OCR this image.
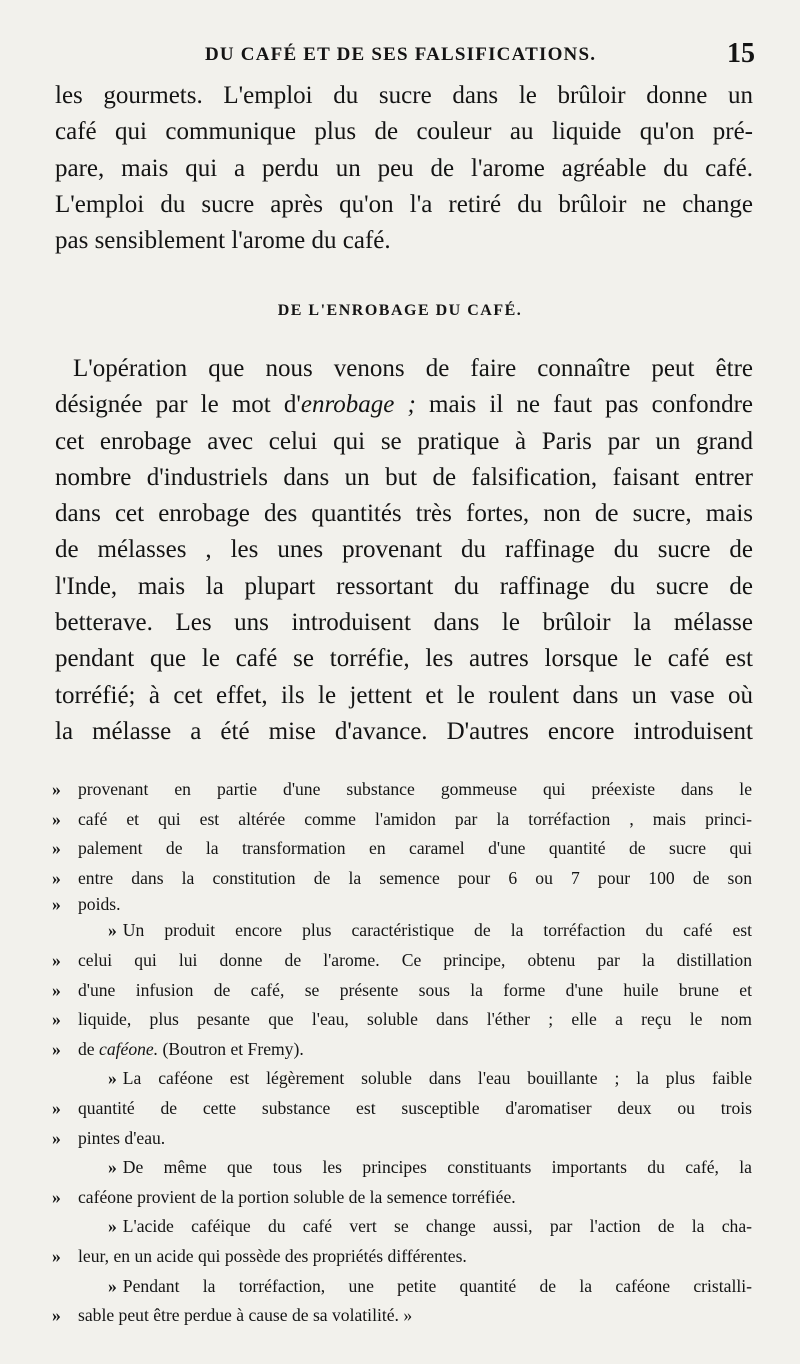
DU CAFÉ ET DE SES FALSIFICATIONS.	15

les gourmets. L'emploi du sucre dans le brûloir donne un

café qui communique plus de couleur au liquide qu'on pré-

pare, mais qui a perdu un peu de l'arome agréable du café.

L'emploi du sucre après qu'on l'a retiré du brûloir ne change

pas sensiblement l'arome du café.

DE L'ENROBAGE DU CAFÉ.

L'opération que nous venons de faire connaître peut être

désignée par le mot d'enrobage ; mais il ne faut pas confondre

cet enrobage avec celui qui se pratique à Paris par un grand

nombre d'industriels dans un but de falsification, faisant entrer

dans cet enrobage des quantités très fortes, non de sucre, mais

de mélasses , les unes provenant du raffinage du sucre de

l'Inde, mais la plupart ressortant du raffinage du sucre de

betterave. Les uns introduisent dans le brûloir la mélasse

pendant que le café se torréfie, les autres lorsque le café est

torréfié; à cet effet, ils le jettent et le roulent dans un vase où

la mélasse a été mise d'avance. D'autres encore introduisent

» provenant en partie d'une substance gommeuse qui préexiste dans le
» café et qui est altérée comme l'amidon par la torréfaction , mais princi-
» palement de la transformation en caramel d'une quantité de sucre qui
» entre dans la constitution de la semence pour 6 ou 7 pour 100 de son
» poids.
» Un produit encore plus caractéristique de la torréfaction du café est
» celui qui lui donne de l'arome. Ce principe, obtenu par la distillation
» d'une infusion de café, se présente sous la forme d'une huile brune et
» liquide, plus pesante que l'eau, soluble dans l'éther ; elle a reçu le nom
» de caféone. (Boutron et Fremy).
» La caféone est légèrement soluble dans l'eau bouillante ; la plus faible
» quantité de cette substance est susceptible d'aromatiser deux ou trois
» pintes d'eau.
» De même que tous les principes constituants importants du café, la
» caféone provient de la portion soluble de la semence torréfiée.
» L'acide caféique du café vert se change aussi, par l'action de la cha-
» leur, en un acide qui possède des propriétés différentes.
» Pendant la torréfaction, une petite quantité de la caféone cristalli-
» sable peut être perdue à cause de sa volatilité. »
